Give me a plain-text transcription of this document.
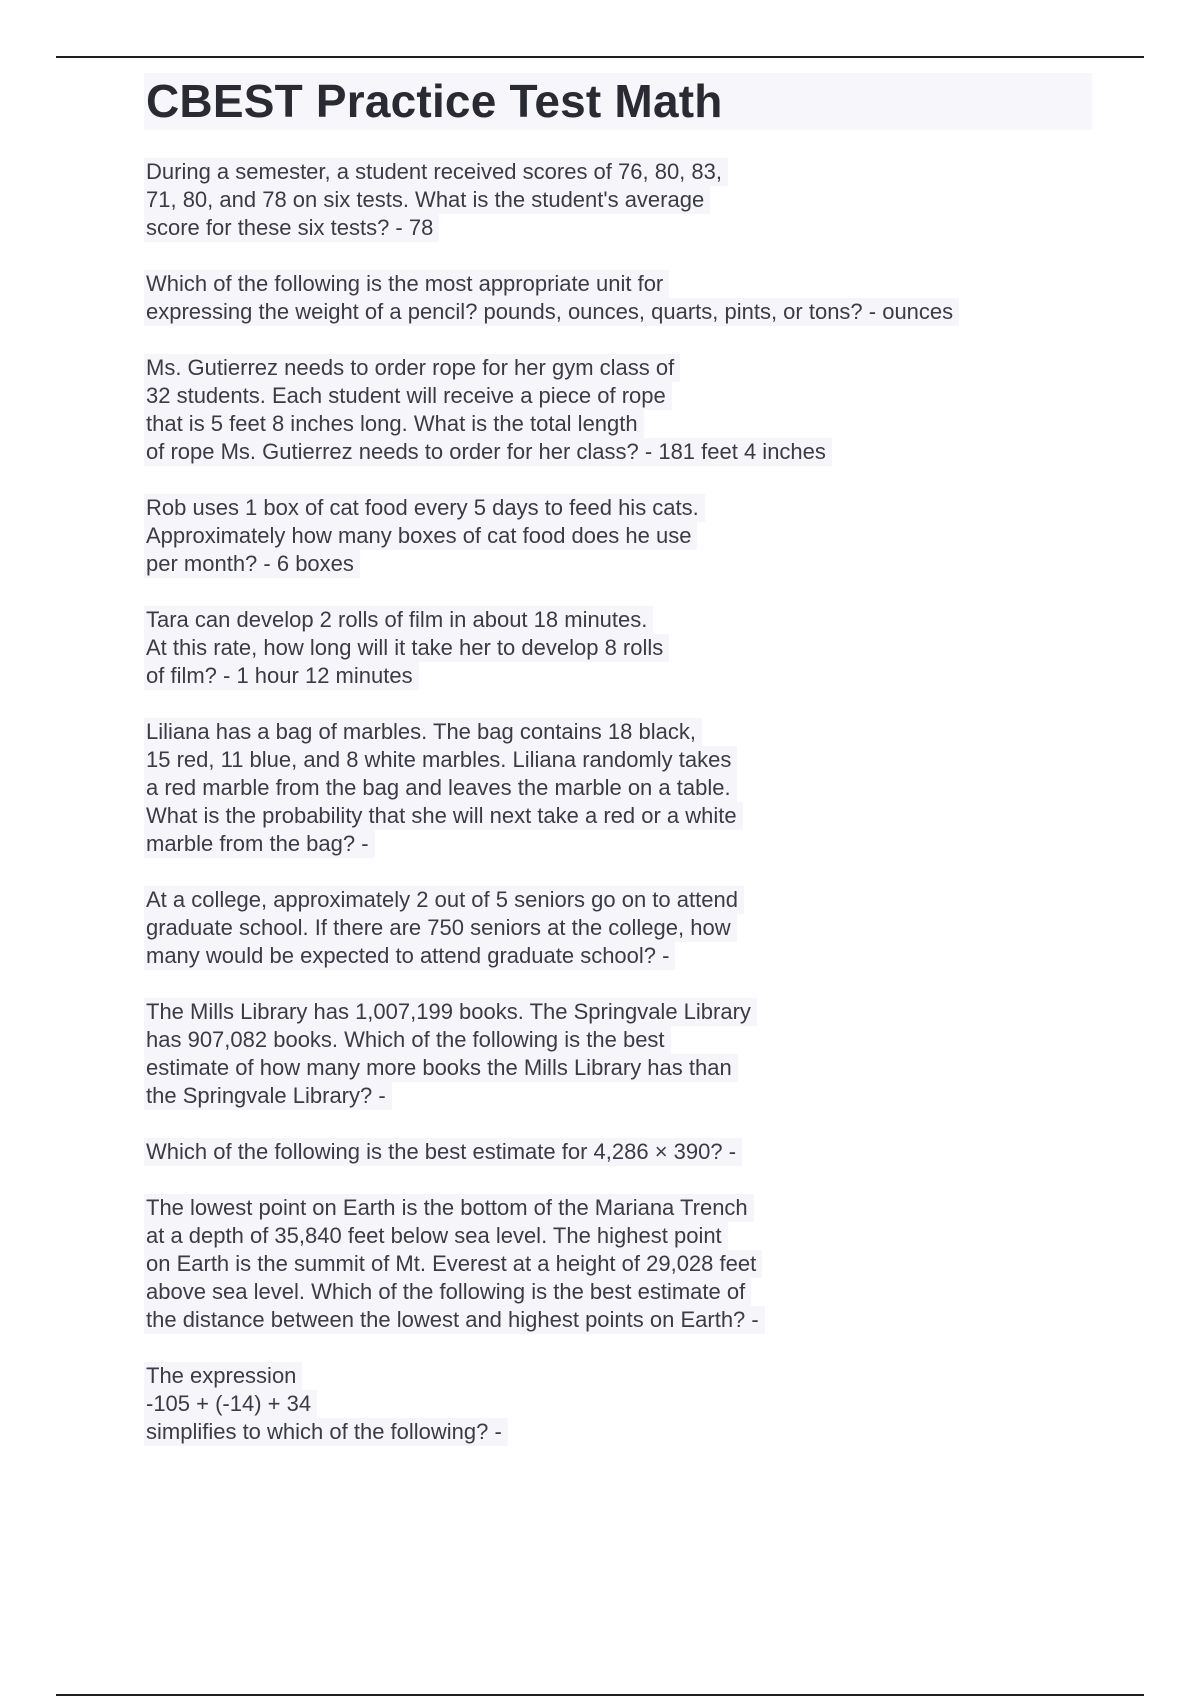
CBEST Practice Test Math
During a semester, a student received scores of 76, 80, 83,
71, 80, and 78 on six tests. What is the student's average
score for these six tests? - 78
Which of the following is the most appropriate unit for
expressing the weight of a pencil? pounds, ounces, quarts, pints, or tons? - ounces
Ms. Gutierrez needs to order rope for her gym class of
32 students. Each student will receive a piece of rope
that is 5 feet 8 inches long. What is the total length
of rope Ms. Gutierrez needs to order for her class? - 181 feet 4 inches
Rob uses 1 box of cat food every 5 days to feed his cats.
Approximately how many boxes of cat food does he use
per month? - 6 boxes
Tara can develop 2 rolls of film in about 18 minutes.
At this rate, how long will it take her to develop 8 rolls
of film? - 1 hour 12 minutes
Liliana has a bag of marbles. The bag contains 18 black,
15 red, 11 blue, and 8 white marbles. Liliana randomly takes
a red marble from the bag and leaves the marble on a table.
What is the probability that she will next take a red or a white
marble from the bag? -
At a college, approximately 2 out of 5 seniors go on to attend
graduate school. If there are 750 seniors at the college, how
many would be expected to attend graduate school? -
The Mills Library has 1,007,199 books. The Springvale Library
has 907,082 books. Which of the following is the best
estimate of how many more books the Mills Library has than
the Springvale Library? -
Which of the following is the best estimate for 4,286 × 390? -
The lowest point on Earth is the bottom of the Mariana Trench
at a depth of 35,840 feet below sea level. The highest point
on Earth is the summit of Mt. Everest at a height of 29,028 feet
above sea level. Which of the following is the best estimate of
the distance between the lowest and highest points on Earth? -
The expression
-105 + (-14) + 34
simplifies to which of the following? -
